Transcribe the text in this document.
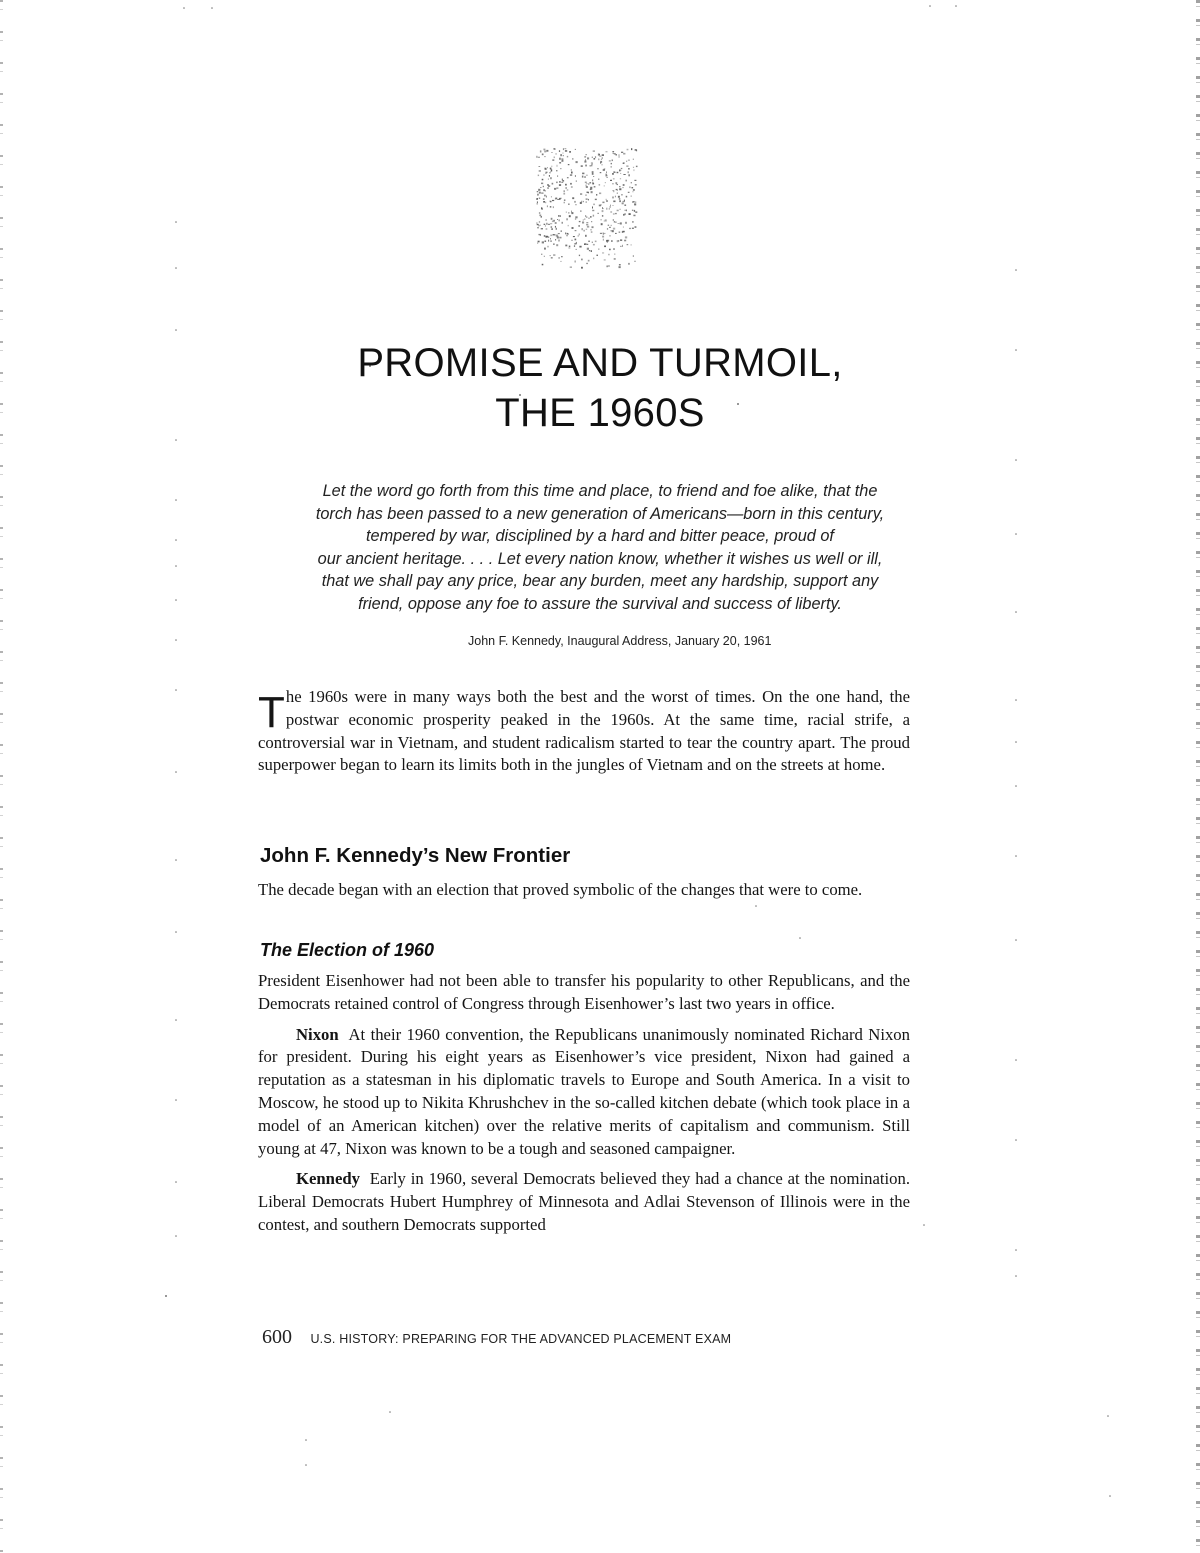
PROMISE AND TURMOIL,
THE 1960S

Let the word go forth from this time and place, to friend and foe alike, that the

torch has been passed to a new generation of Americans—born in this century,

tempered by war, disciplined by a hard and bitter peace, proud of

our ancient heritage. . . . Let every nation know, whether it wishes us well or ill,

that we shall pay any price, bear any burden, meet any hardship, support any

friend, oppose any foe to assure the survival and success of liberty.

John F. Kennedy, Inaugural Address, January 20, 1961

T he 1960s were in many ways both the best and the worst of times. On the one hand, the postwar economic prosperity peaked in the 1960s. At the same time, racial strife, a controversial war in Vietnam, and student radicalism started to tear the country apart. The proud superpower began to learn its limits both in the jungles of Vietnam and on the streets at home.

John F. Kennedy’s New Frontier

The decade began with an election that proved symbolic of the changes that were to come.

The Election of 1960

President Eisenhower had not been able to transfer his popularity to other Republicans, and the Democrats retained control of Congress through Eisenhower’s last two years in office.

Nixon At their 1960 convention, the Republicans unanimously nominated Richard Nixon for president. During his eight years as Eisenhower’s vice president, Nixon had gained a reputation as a statesman in his diplomatic travels to Europe and South America. In a visit to Moscow, he stood up to Nikita Khrushchev in the so-called kitchen debate (which took place in a model of an American kitchen) over the relative merits of capitalism and communism. Still young at 47, Nixon was known to be a tough and seasoned campaigner.

Kennedy Early in 1960, several Democrats believed they had a chance at the nomination. Liberal Democrats Hubert Humphrey of Minnesota and Adlai Stevenson of Illinois were in the contest, and southern Democrats supported

600 U.S. HISTORY: PREPARING FOR THE ADVANCED PLACEMENT EXAM
